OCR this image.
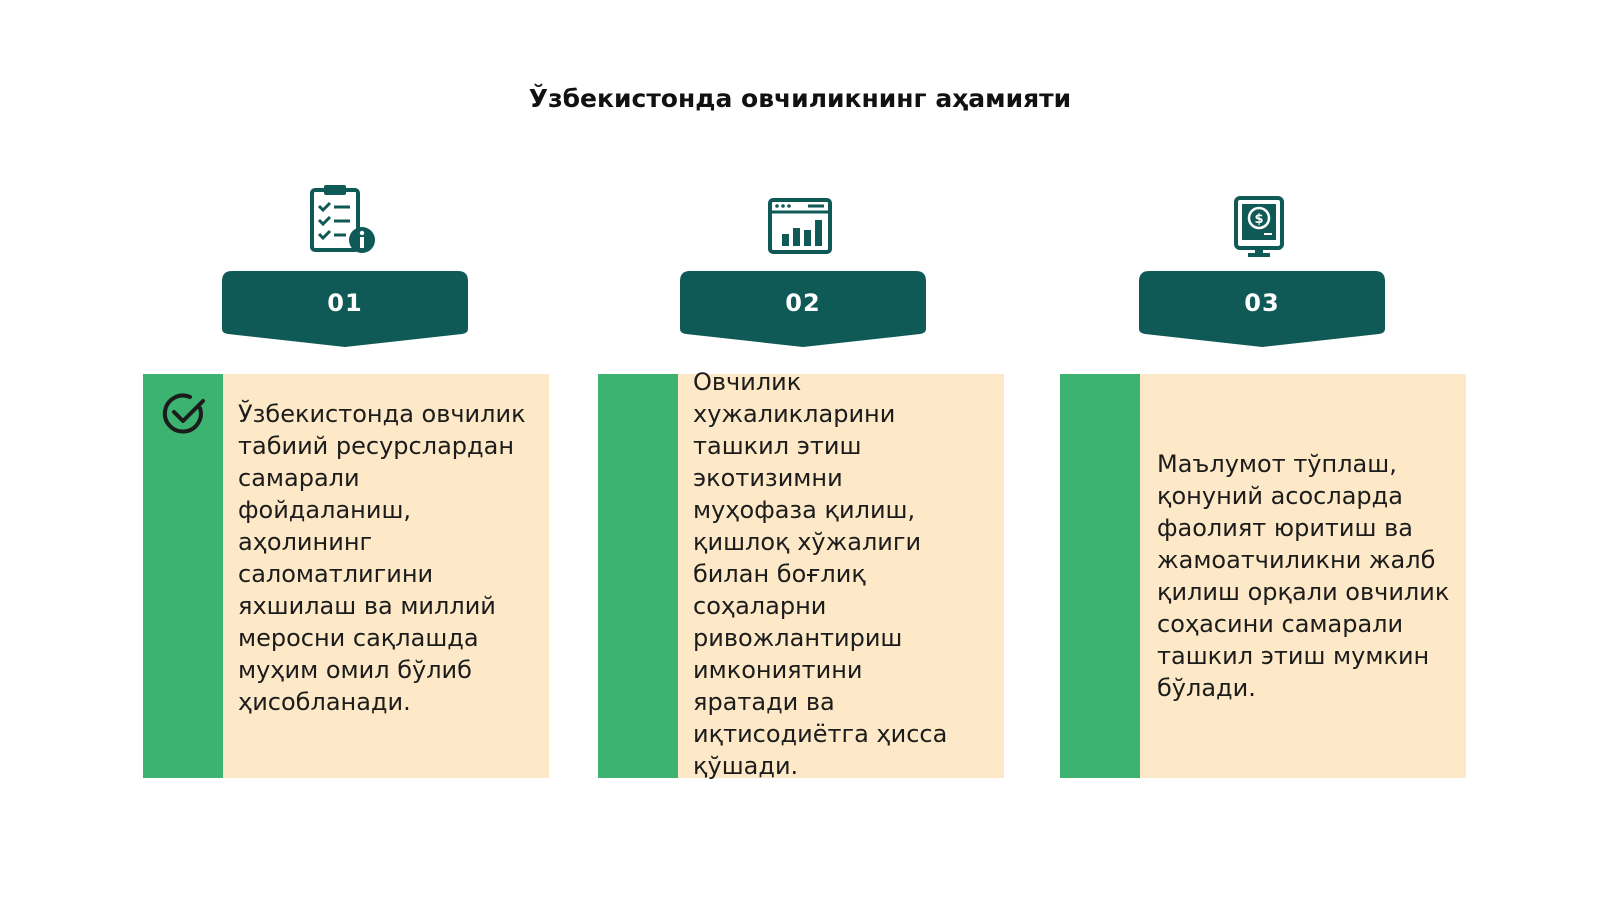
Ўзбекистонда овчиликнинг аҳамияти
01
Ўзбекистонда овчилик табиий ресурслардан самарали фойдаланиш, аҳолининг саломатлигини яхшилаш ва миллий меросни сақлашда муҳим омил бўлиб ҳисобланади.
02
Овчилик хужаликларини ташкил этиш экотизимни муҳофаза қилиш, қишлоқ хўжалиги билан боғлиқ соҳаларни ривожлантириш имкониятини яратади ва иқтисодиётга ҳисса қўшади.
$
03
Маълумот тўплаш, қонуний асосларда фаолият юритиш ва жамоатчиликни жалб қилиш орқали овчилик соҳасини самарали ташкил этиш мумкин бўлади.
